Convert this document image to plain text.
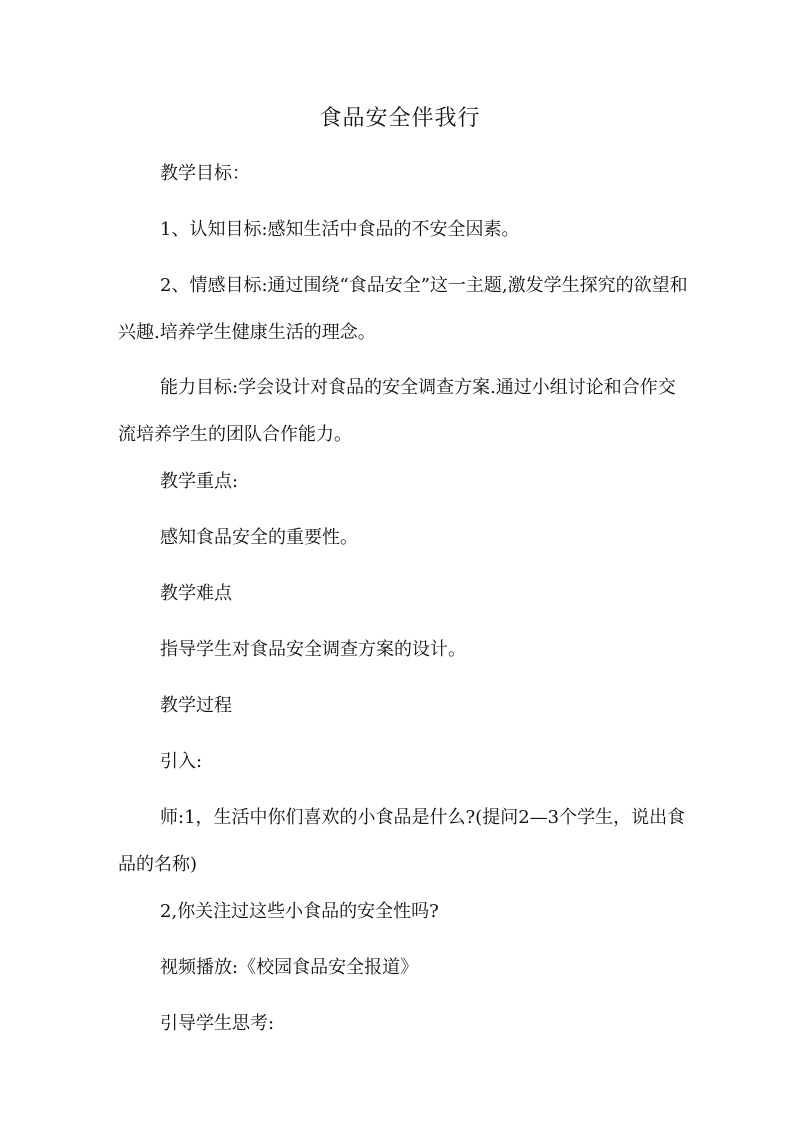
食品安全伴我行
教学目标：
1、认知目标:感知生活中食品的不安全因素。
2、情感目标:通过围绕“食品安全”这一主题,激发学生探究的欲望和兴趣.培养学生健康生活的理念。
能力目标:学会设计对食品的安全调查方案.通过小组讨论和合作交流培养学生的团队合作能力。
教学重点:
感知食品安全的重要性。
教学难点
指导学生对食品安全调查方案的设计。
教学过程
引入:
师:1，生活中你们喜欢的小食品是什么?(提问2—3个学生，说出食品的名称)
2,你关注过这些小食品的安全性吗?
视频播放:《校园食品安全报道》
引导学生思考:
